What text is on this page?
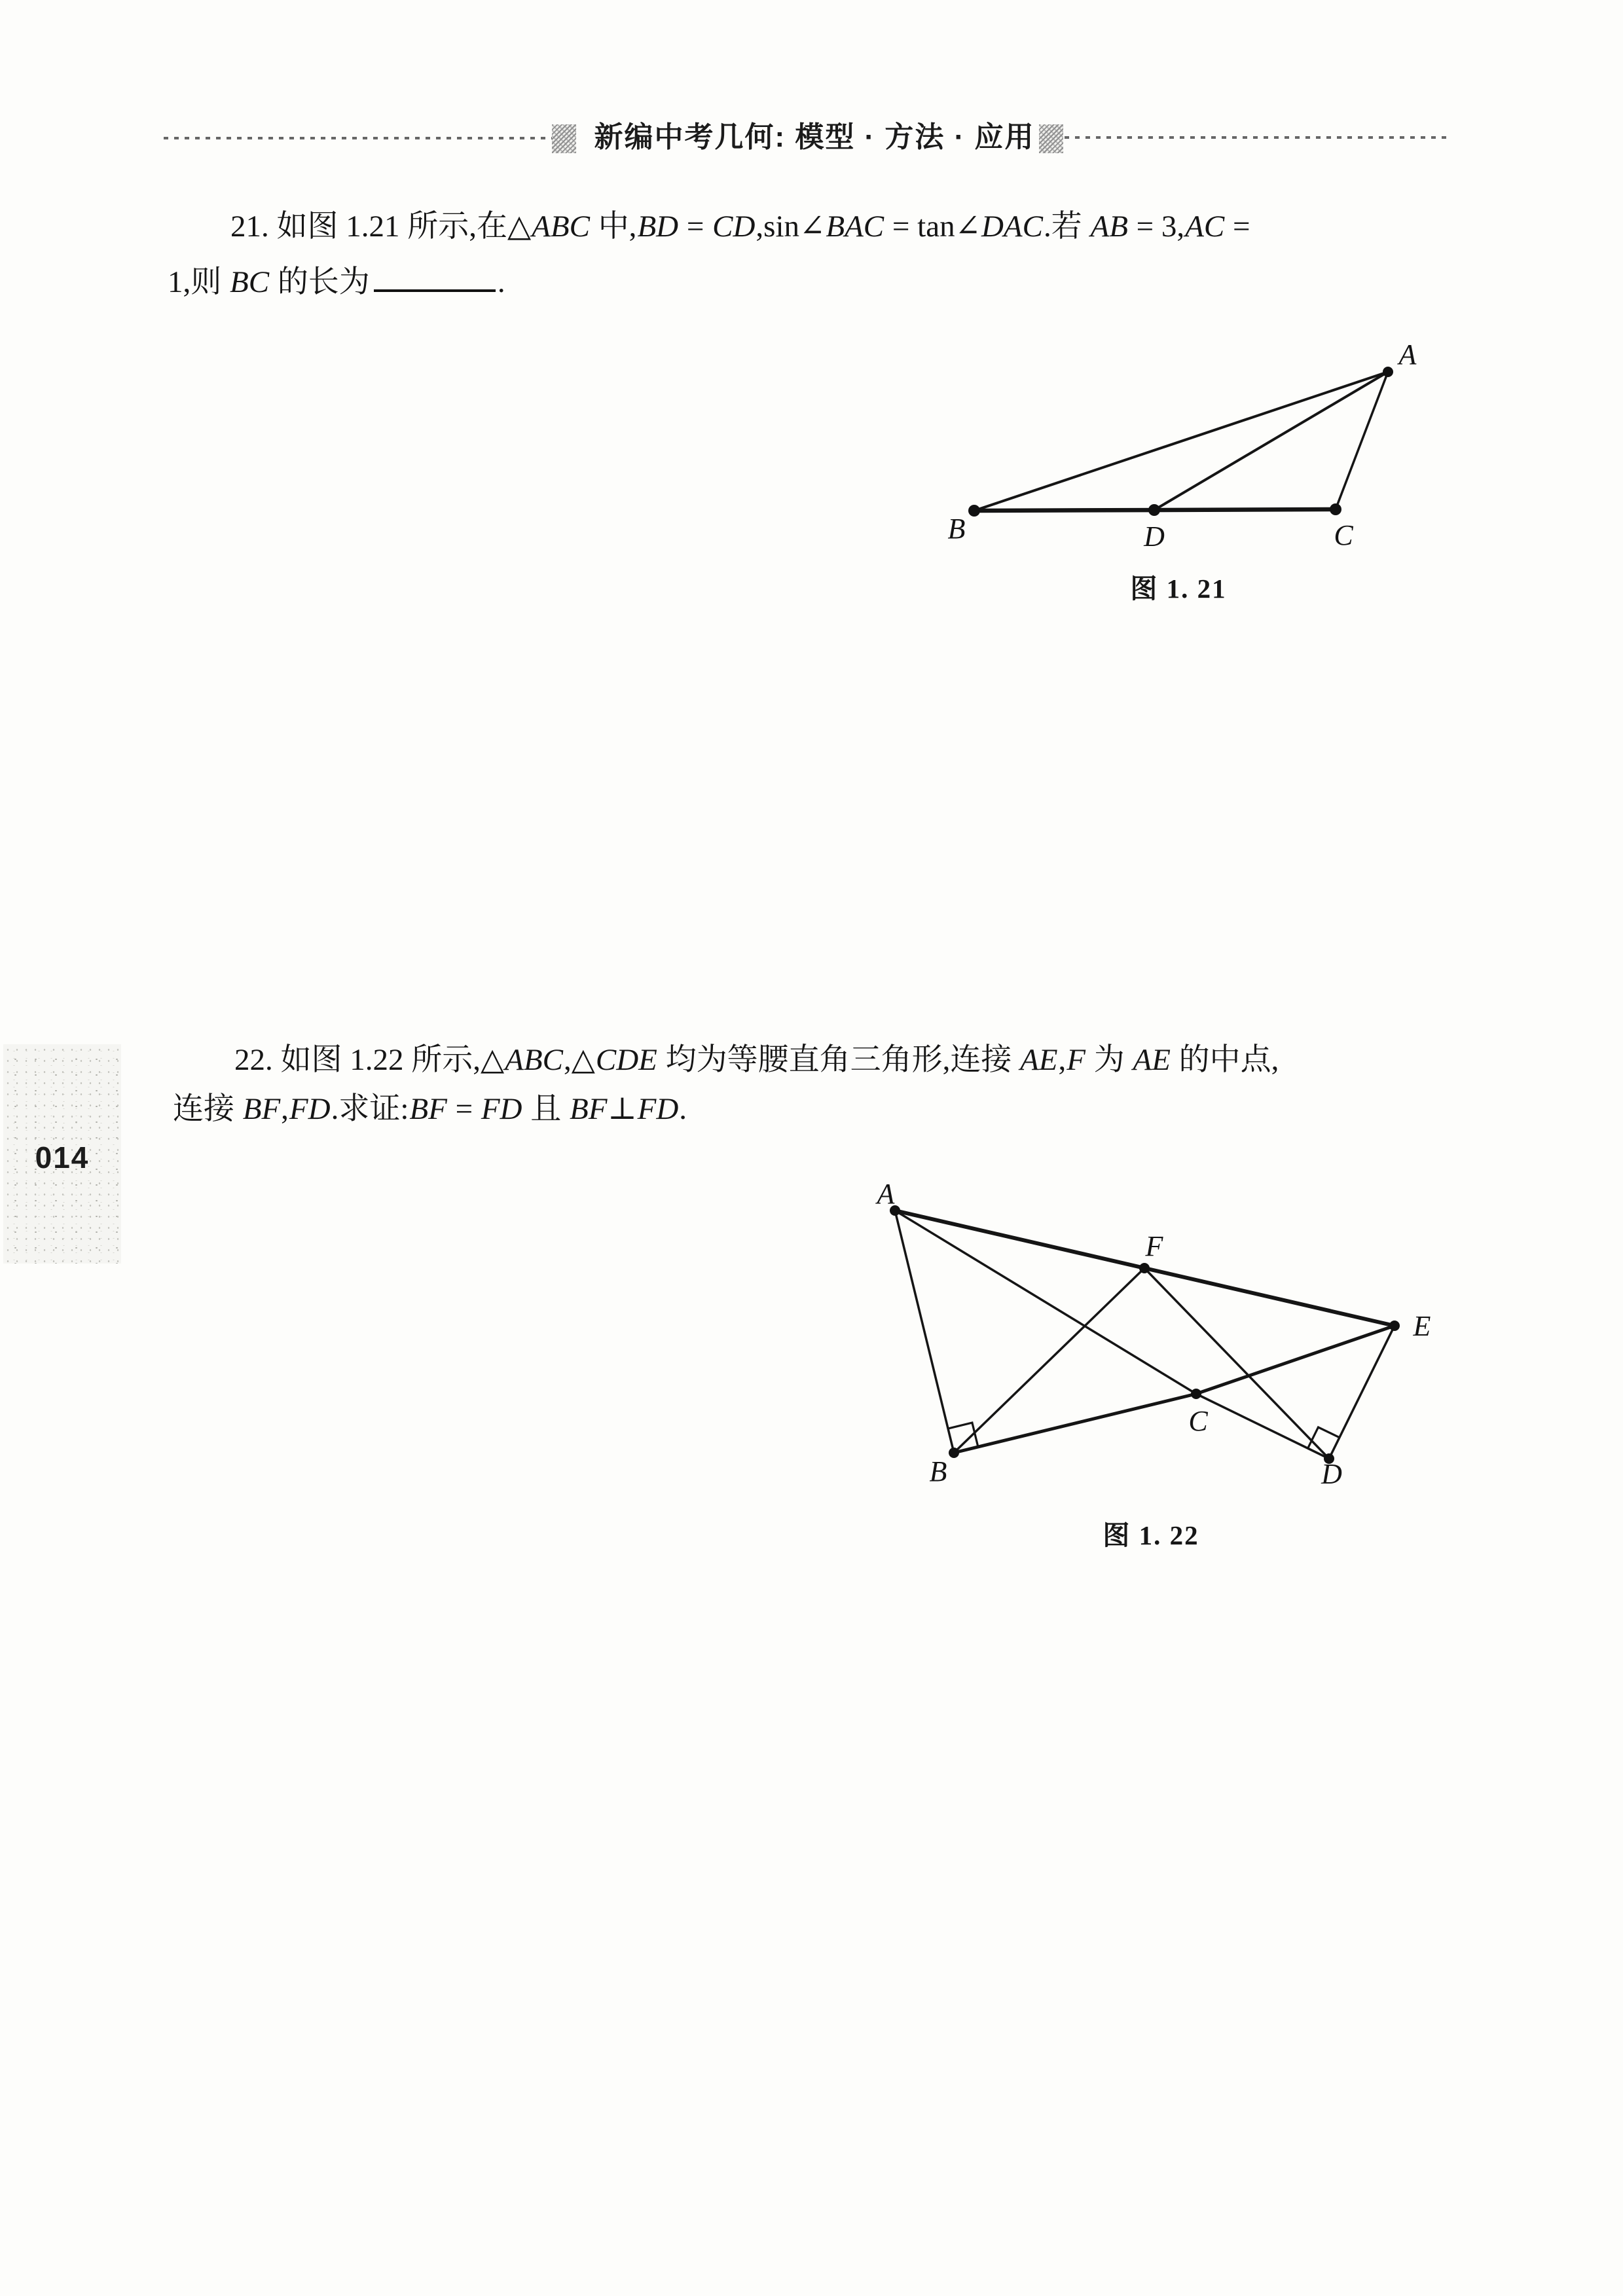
新编中考几何: 模型 · 方法 · 应用
21. 如图 1.21 所示,在△ABC 中,BD = CD,sin∠BAC = tan∠DAC.若 AB = 3,AC =
1,则 BC 的长为	.
A
B	D	C
图 1. 21
22. 如图 1.22 所示,△ABC,△CDE 均为等腰直角三角形,连接 AE,F 为 AE 的中点,
连接 BF,FD.求证:BF = FD 且 BF⊥FD.
014
A
F
E
C
B	D
图 1. 22
